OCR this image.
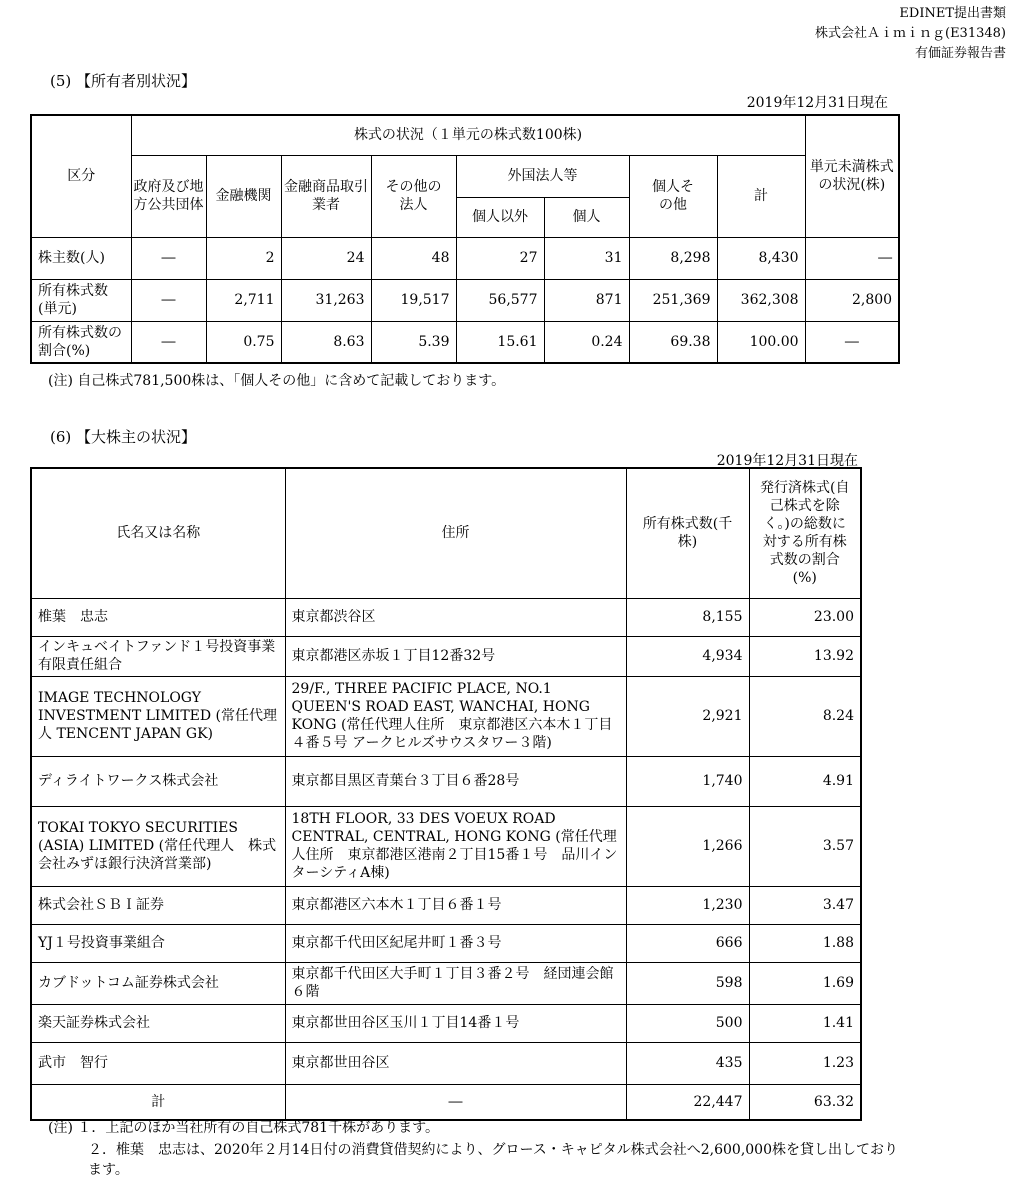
EDINET提出書類
株式会社Ａｉｍｉｎｇ(E31348)
有価証券報告書
(5) 【所有者別状況】
2019年12月31日現在
区分	株式の状況（１単元の株式数100株)								単元未満株式の状況(株)
	政府及び地方公共団体	金融機関	金融商品取引業者	その他の法人	外国法人等		個人その他	計	
					個人以外	個人			
株主数(人)	―	2	24	48	27	31	8,298	8,430	―
所有株式数(単元)	―	2,711	31,263	19,517	56,577	871	251,369	362,308	2,800
所有株式数の割合(%)	―	0.75	8.63	5.39	15.61	0.24	69.38	100.00	―
(注) 自己株式781,500株は、「個人その他」に含めて記載しております。
(6) 【大株主の状況】
2019年12月31日現在
氏名又は名称	住所	所有株式数(千株)	発行済株式(自己株式を除く。)の総数に対する所有株式数の割合(%)
椎葉　忠志	東京都渋谷区	8,155	23.00
インキュベイトファンド１号投資事業有限責任組合	東京都港区赤坂１丁目12番32号	4,934	13.92
IMAGE TECHNOLOGY INVESTMENT LIMITED (常任代理人 TENCENT JAPAN GK)	29/F., THREE PACIFIC PLACE, NO.1 QUEEN'S ROAD EAST, WANCHAI, HONG KONG (常任代理人住所　東京都港区六本木１丁目４番５号 アークヒルズサウスタワー３階)	2,921	8.24
ディライトワークス株式会社	東京都目黒区青葉台３丁目６番28号	1,740	4.91
TOKAI TOKYO SECURITIES (ASIA) LIMITED (常任代理人　株式会社みずほ銀行決済営業部)	18TH FLOOR, 33 DES VOEUX ROAD CENTRAL, CENTRAL, HONG KONG (常任代理人住所　東京都港区港南２丁目15番１号　品川インターシティA棟)	1,266	3.57
株式会社ＳＢＩ証券	東京都港区六本木１丁目６番１号	1,230	3.47
YJ１号投資事業組合	東京都千代田区紀尾井町１番３号	666	1.88
カブドットコム証券株式会社	東京都千代田区大手町１丁目３番２号　経団連会館６階	598	1.69
楽天証券株式会社	東京都世田谷区玉川１丁目14番１号	500	1.41
武市　智行	東京都世田谷区	435	1.23
計	―	22,447	63.32
(注) １．上記のほか当社所有の自己株式781千株があります。
２．椎葉　忠志は、2020年２月14日付の消費貸借契約により、グロース・キャピタル株式会社へ2,600,000株を貸し出しております。
